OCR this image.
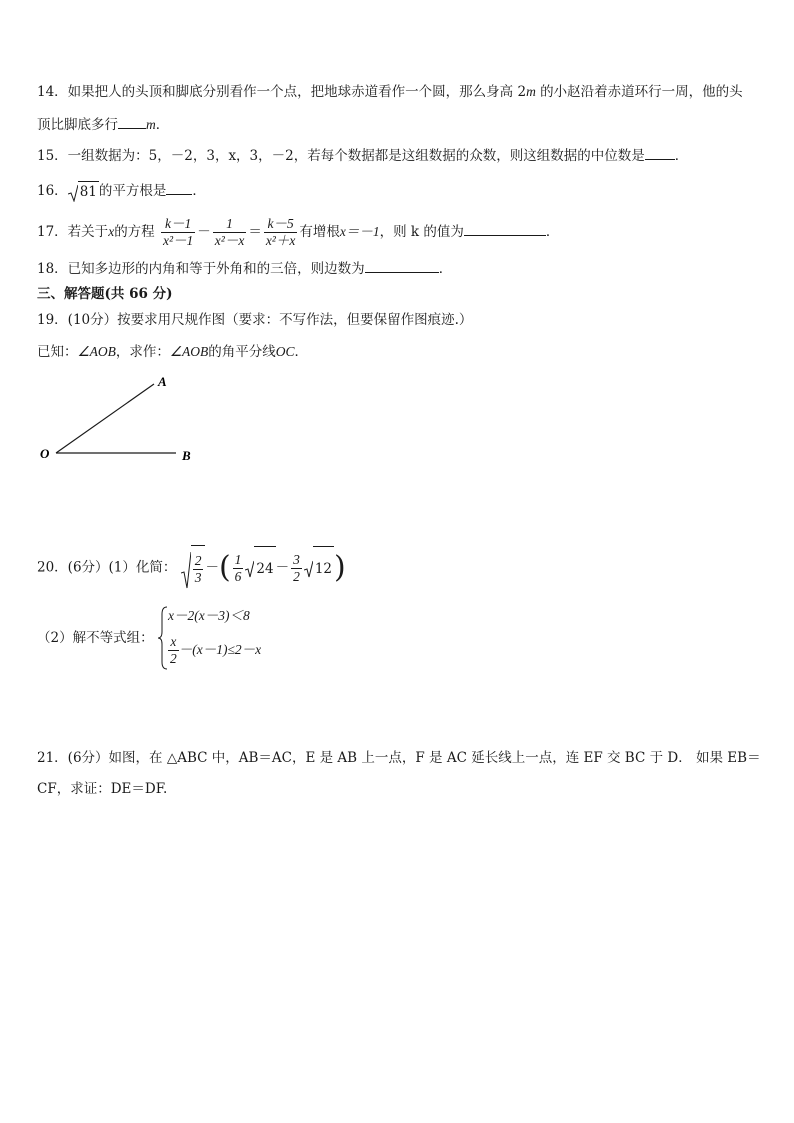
14．如果把人的头顶和脚底分别看作一个点，把地球赤道看作一个圆，那么身高 2m 的小赵沿着赤道环行一周，他的头
顶比脚底多行 m．
15．一组数据为：5，－2，3，x，3，－2，若每个数据都是这组数据的众数，则这组数据的中位数是 ．
16． 81 的平方根是 ．
17．若关于x的方程 $\frac{k-1}{\text{x²－1}} - \frac{1}{\text{x²－x}} = \frac{k-5}{\text{x²＋x}}$ 有增根x＝－1，则 k 的值为	．
18．已知多边形的内角和等于外角和的三倍，则边数为	．
三、解答题(共 66 分)
19．(10分）按要求用尺规作图（要求：不写作法，但要保留作图痕迹.）
已知：∠AOB，求作：∠AOB的角平分线OC．
A
O	B
20．(6分）(1）化简： $\frac{2}{3}$ －( $\frac{1}{6} 24 - \frac{3}{2} 12$)
（2）解不等式组：
x－2(x－3)＜8
$\frac{x}{2} -(x-1)\le 2-x$
21．(6分）如图，在 △ABC 中，AB＝AC，E 是 AB 上一点，F 是 AC 延长线上一点，连 EF 交 BC 于 D． 如果 EB＝
CF，求证：DE＝DF.
